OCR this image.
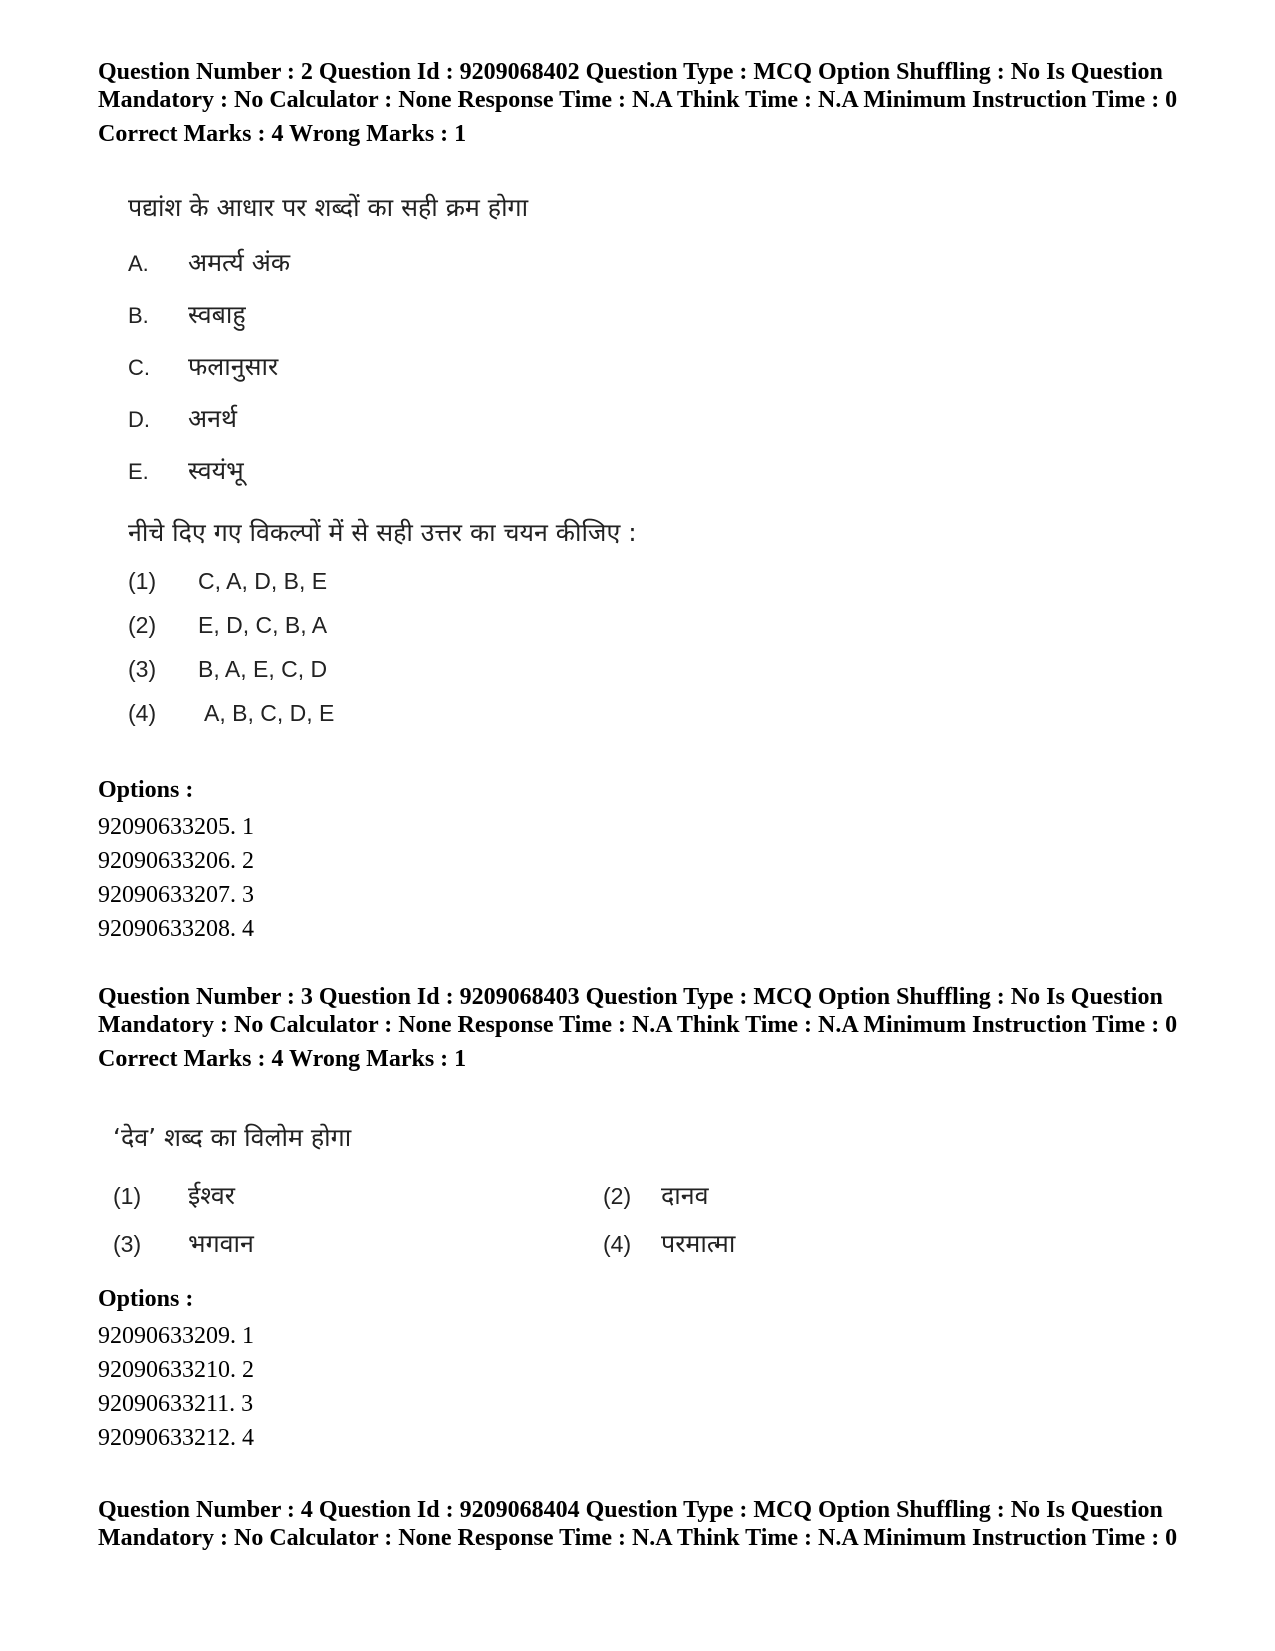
Question Number : 2 Question Id : 9209068402 Question Type : MCQ Option Shuffling : No Is Question Mandatory : No Calculator : None Response Time : N.A Think Time : N.A Minimum Instruction Time : 0

Correct Marks : 4 Wrong Marks : 1

पद्यांश के आधार पर शब्दों का सही क्रम होगा
A.	अमर्त्य अंक
B.	स्वबाहु
C.	फलानुसार
D.	अनर्थ
E.	स्वयंभू
नीचे दिए गए विकल्पों में से सही उत्तर का चयन कीजिए :
(1)	C, A, D, B, E
(2)	E, D, C, B, A
(3)	B, A, E, C, D
(4)	A, B, C, D, E

Options :

92090633205. 1

92090633206. 2

92090633207. 3

92090633208. 4

Question Number : 3 Question Id : 9209068403 Question Type : MCQ Option Shuffling : No Is Question Mandatory : No Calculator : None Response Time : N.A Think Time : N.A Minimum Instruction Time : 0

Correct Marks : 4 Wrong Marks : 1

‘देव’ शब्द का विलोम होगा
(1)	ईश्वर	(2)	दानव
(3)	भगवान	(4)	परमात्मा

Options :

92090633209. 1

92090633210. 2

92090633211. 3

92090633212. 4

Question Number : 4 Question Id : 9209068404 Question Type : MCQ Option Shuffling : No Is Question Mandatory : No Calculator : None Response Time : N.A Think Time : N.A Minimum Instruction Time : 0
